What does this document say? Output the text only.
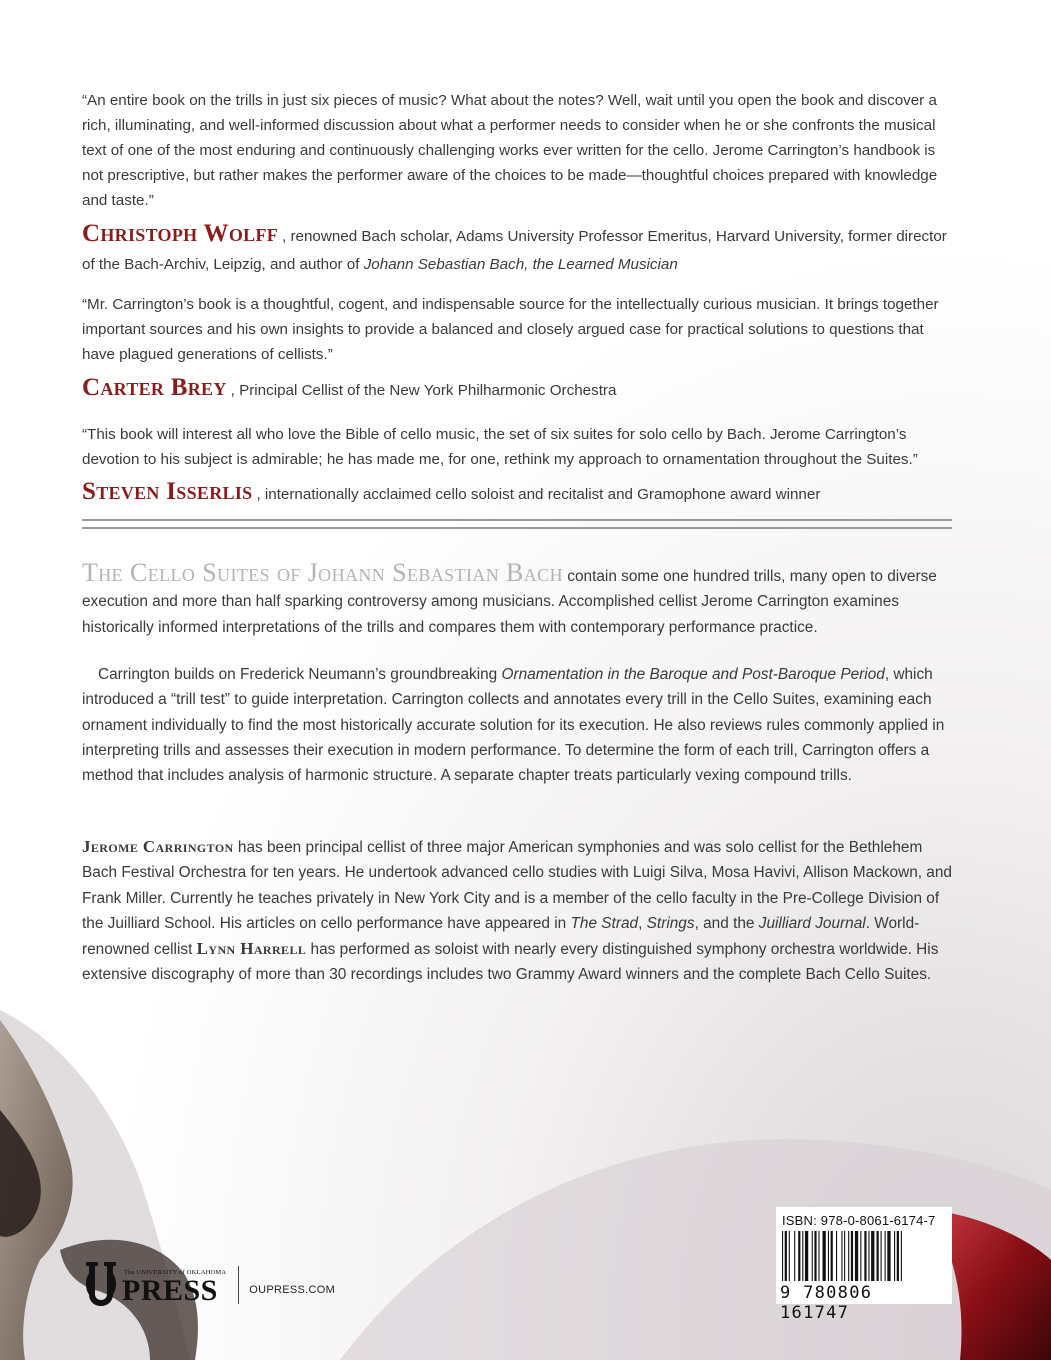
“An entire book on the trills in just six pieces of music? What about the notes? Well, wait until you open the book and discover a rich, illuminating, and well-informed discussion about what a performer needs to consider when he or she confronts the musical text of one of the most enduring and continuously challenging works ever written for the cello. Jerome Carrington’s handbook is not prescriptive, but rather makes the performer aware of the choices to be made—thoughtful choices prepared with knowledge and taste.”

Christoph Wolff , renowned Bach scholar, Adams University Professor Emeritus, Harvard University, former director of the Bach-Archiv, Leipzig, and author of Johann Sebastian Bach, the Learned Musician

“Mr. Carrington’s book is a thoughtful, cogent, and indispensable source for the intellectually curious musician. It brings together important sources and his own insights to provide a balanced and closely argued case for practical solutions to questions that have plagued generations of cellists.”

Carter Brey , Principal Cellist of the New York Philharmonic Orchestra

“This book will interest all who love the Bible of cello music, the set of six suites for solo cello by Bach. Jerome Carrington’s devotion to his subject is admirable; he has made me, for one, rethink my approach to ornamentation throughout the Suites.”

Steven Isserlis , internationally acclaimed cello soloist and recitalist and Gramophone award winner

The Cello Suites of Johann Sebastian Bach contain some one hundred trills, many open to diverse execution and more than half sparking controversy among musicians. Accomplished cellist Jerome Carrington examines historically informed interpretations of the trills and compares them with contemporary performance practice.

Carrington builds on Frederick Neumann’s groundbreaking Ornamentation in the Baroque and Post-Baroque Period, which introduced a “trill test” to guide interpretation. Carrington collects and annotates every trill in the Cello Suites, examining each ornament individually to find the most historically accurate solution for its execution. He also reviews rules commonly applied in interpreting trills and assesses their execution in modern performance. To determine the form of each trill, Carrington offers a method that includes analysis of harmonic structure. A separate chapter treats particularly vexing compound trills.

Jerome Carrington has been principal cellist of three major American symphonies and was solo cellist for the Bethlehem Bach Festival Orchestra for ten years. He undertook advanced cello studies with Luigi Silva, Mosa Havivi, Allison Mackown, and Frank Miller. Currently he teaches privately in New York City and is a member of the cello faculty in the Pre-College Division of the Juilliard School. His articles on cello performance have appeared in The Strad, Strings, and the Juilliard Journal. World-renowned cellist Lynn Harrell has performed as soloist with nearly every distinguished symphony orchestra worldwide. His extensive discography of more than 30 recordings includes two Grammy Award winners and the complete Bach Cello Suites.

The UNIVERSITY of OKLAHOMA
PRESS	OUPRESS.COM
ISBN: 978-0-8061-6174-7
9 780806 161747
